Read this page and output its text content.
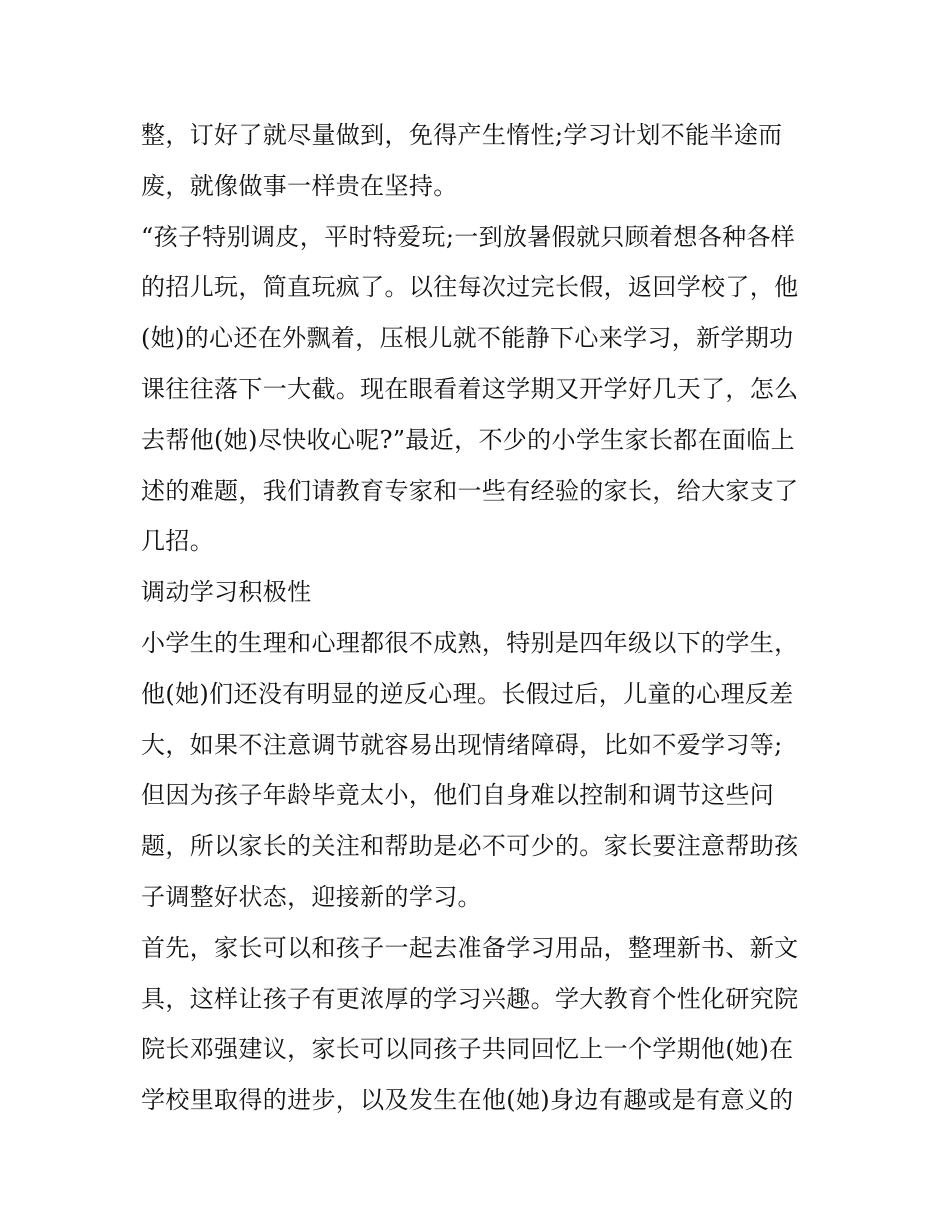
整，订好了就尽量做到，免得产生惰性;学习计划不能半途而
废，就像做事一样贵在坚持。
“孩子特别调皮，平时特爱玩;一到放暑假就只顾着想各种各样
的招儿玩，简直玩疯了。以往每次过完长假，返回学校了，他
(她)的心还在外飘着，压根儿就不能静下心来学习，新学期功
课往往落下一大截。现在眼看着这学期又开学好几天了，怎么
去帮他(她)尽快收心呢?”最近，不少的小学生家长都在面临上
述的难题，我们请教育专家和一些有经验的家长，给大家支了
几招。
调动学习积极性
小学生的生理和心理都很不成熟，特别是四年级以下的学生，
他(她)们还没有明显的逆反心理。长假过后，儿童的心理反差
大，如果不注意调节就容易出现情绪障碍，比如不爱学习等;
但因为孩子年龄毕竟太小，他们自身难以控制和调节这些问
题，所以家长的关注和帮助是必不可少的。家长要注意帮助孩
子调整好状态，迎接新的学习。
首先，家长可以和孩子一起去准备学习用品，整理新书、新文
具，这样让孩子有更浓厚的学习兴趣。学大教育个性化研究院
院长邓强建议，家长可以同孩子共同回忆上一个学期他(她)在
学校里取得的进步，以及发生在他(她)身边有趣或是有意义的
